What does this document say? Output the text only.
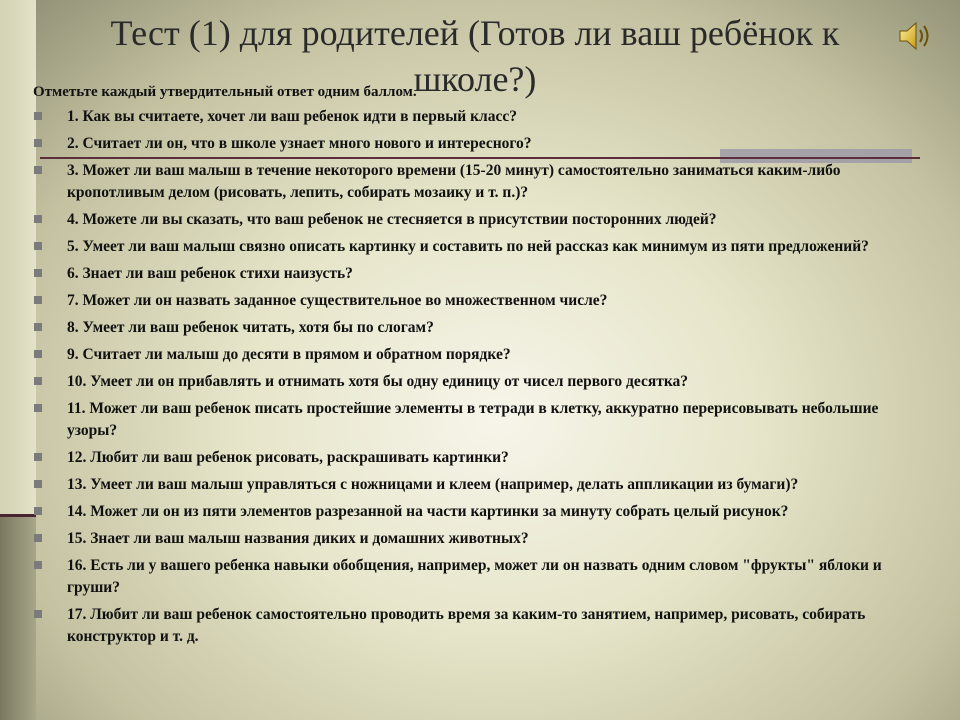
Тест (1) для родителей (Готов ли ваш ребёнок к школе?)
Отметьте каждый утвердительный ответ одним баллом.
1. Как вы считаете, хочет ли ваш ребенок идти в первый класс?
2. Считает ли он, что в школе узнает много нового и интересного?
3. Может ли ваш малыш в течение некоторого времени (15-20 минут) самостоятельно заниматься каким-либо кропотливым делом (рисовать, лепить, собирать мозаику и т. п.)?
4. Можете ли вы сказать, что ваш ребенок не стесняется в присутствии посторонних людей?
5. Умеет ли ваш малыш связно описать картинку и составить по ней рассказ как минимум из пяти предложений?
6. Знает ли ваш ребенок стихи наизусть?
7. Может ли он назвать заданное существительное во множественном числе?
8. Умеет ли ваш ребенок читать, хотя бы по слогам?
9. Считает ли малыш до десяти в прямом и обратном порядке?
10. Умеет ли он прибавлять и отнимать хотя бы одну единицу от чисел первого десятка?
11. Может ли ваш ребенок писать простейшие элементы в тетради в клетку, аккуратно перерисовывать небольшие узоры?
12. Любит ли ваш ребенок рисовать, раскрашивать картинки?
13. Умеет ли ваш малыш управляться с ножницами и клеем (например, делать аппликации из бумаги)?
14. Может ли он из пяти элементов разрезанной на части картинки за минуту собрать целый рисунок?
15. Знает ли ваш малыш названия диких и домашних животных?
16. Есть ли у вашего ребенка навыки обобщения, например, может ли он назвать одним словом "фрукты" яблоки и груши?
17. Любит ли ваш ребенок самостоятельно проводить время за каким-то занятием, например, рисовать, собирать конструктор и т. д.
